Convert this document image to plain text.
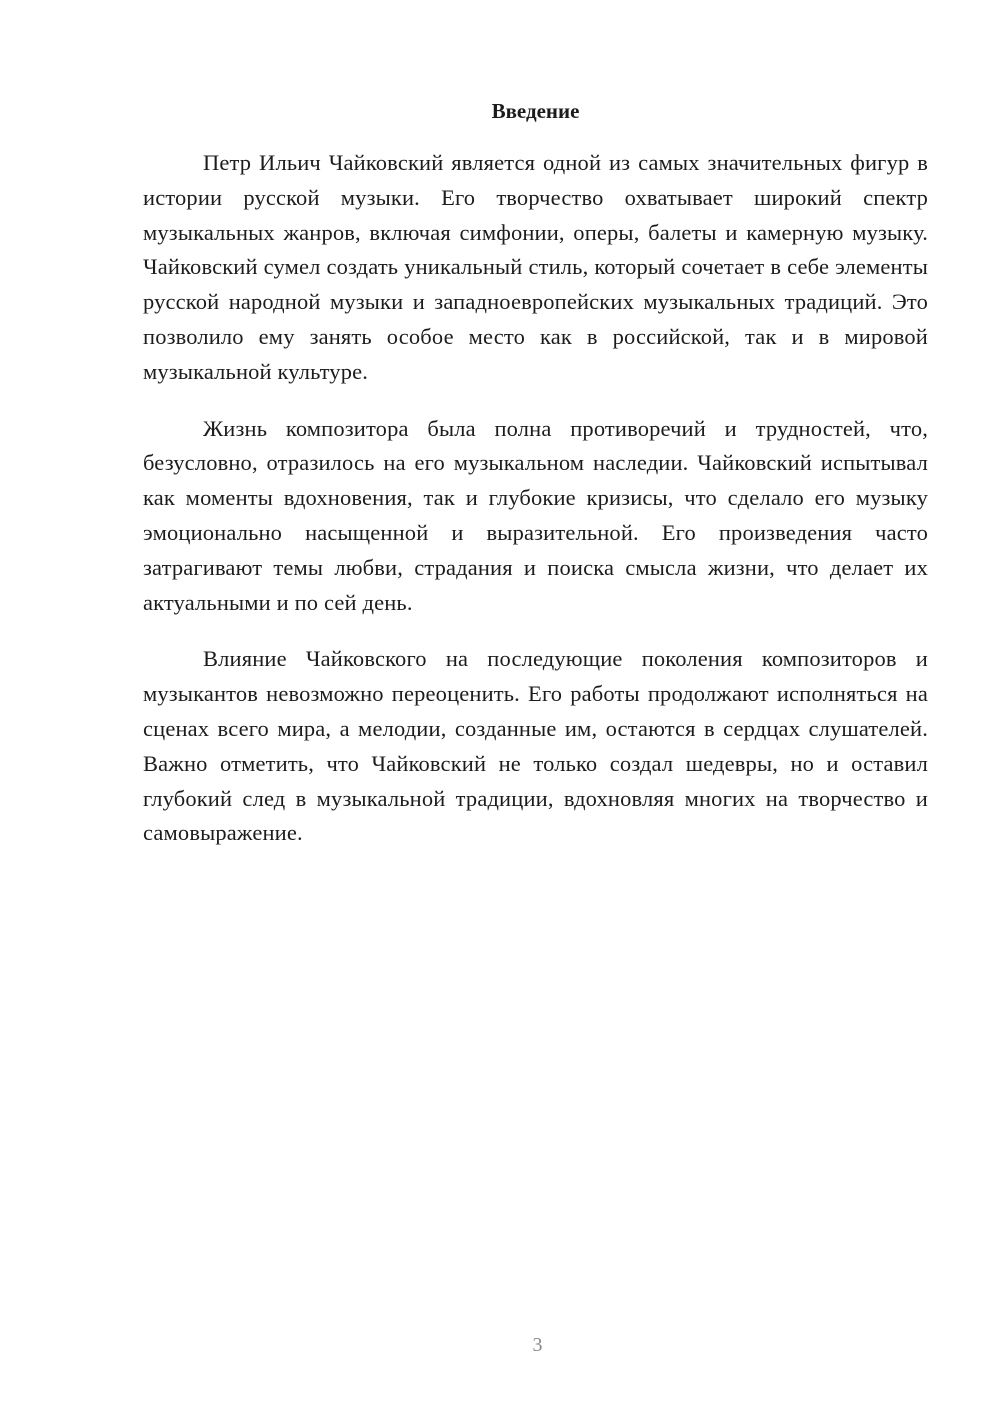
Введение

Петр Ильич Чайковский является одной из самых значительных фигур в истории русской музыки. Его творчество охватывает широкий спектр музыкальных жанров, включая симфонии, оперы, балеты и камерную музыку. Чайковский сумел создать уникальный стиль, который сочетает в себе элементы русской народной музыки и западноевропейских музыкальных традиций. Это позволило ему занять особое место как в российской, так и в мировой музыкальной культуре.

Жизнь композитора была полна противоречий и трудностей, что, безусловно, отразилось на его музыкальном наследии. Чайковский испытывал как моменты вдохновения, так и глубокие кризисы, что сделало его музыку эмоционально насыщенной и выразительной. Его произведения часто затрагивают темы любви, страдания и поиска смысла жизни, что делает их актуальными и по сей день.

Влияние Чайковского на последующие поколения композиторов и музыкантов невозможно переоценить. Его работы продолжают исполняться на сценах всего мира, а мелодии, созданные им, остаются в сердцах слушателей. Важно отметить, что Чайковский не только создал шедевры, но и оставил глубокий след в музыкальной традиции, вдохновляя многих на творчество и самовыражение.

3
